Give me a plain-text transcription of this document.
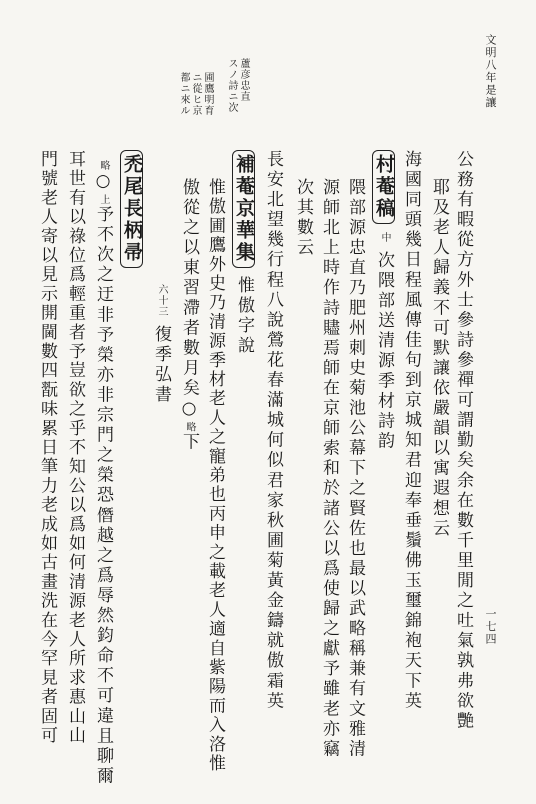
文明八年是讓
一七四
蘆彦忠直
スノ詩ニ次
圃鷹明育
ニ從ヒ京
都ニ來ル
公務有暇從方外士參詩參禪可謂勤矣余在數千里閒之吐氣孰弗欲艷
耶及老人歸義不可默讓依嚴韻以寓遐想云
海國同頭幾日程風傳佳句到京城知君迎奉垂鬚佛玉璽錦袍天下英
村菴稿中次隈部送清源季材詩韵
隈部源忠直乃肥州刺史菊池公幕下之賢佐也最以武略稱兼有文雅清
源師北上時作詩贐焉師在京師索和於諸公以爲使歸之獻予雖老亦竊
次其數云
長安北望幾行程八說鶯花春滿城何似君家秋圃菊黃金鑄就傲霜英
補菴京華集惟傲字說
惟傲圃鷹外史乃清源季材老人之寵弟也丙申之載老人適自紫陽而入洛惟
傲從之以東習滯者數月矣○略下
六十三復季弘書
禿尾長柄帚
略○上予不次之迂非予榮亦非宗門之榮恐僭越之爲辱然鈞命不可違且聊爾
耳世有以祿位爲輕重者予豈欲之乎不知公以爲如何清源老人所求惠山山
門號老人寄以見示開閫數四翫味累日筆力老成如古畫洗在今罕見者固可
